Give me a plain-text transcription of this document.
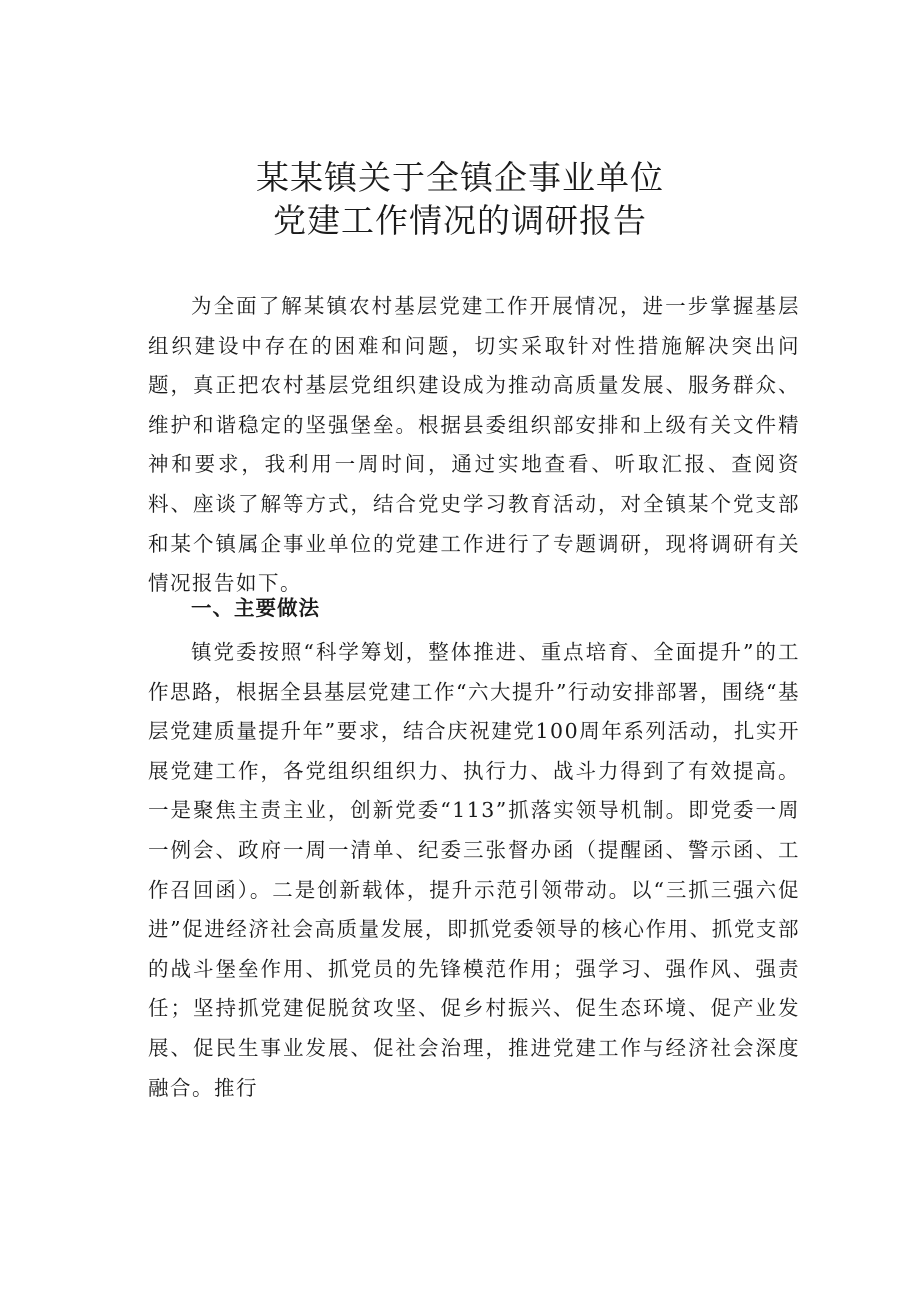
某某镇关于全镇企事业单位
党建工作情况的调研报告

为全面了解某镇农村基层党建工作开展情况，进一步掌握基层组织建设中存在的困难和问题，切实采取针对性措施解决突出问题，真正把农村基层党组织建设成为推动高质量发展、服务群众、维护和谐稳定的坚强堡垒。根据县委组织部安排和上级有关文件精神和要求，我利用一周时间，通过实地查看、听取汇报、查阅资料、座谈了解等方式，结合党史学习教育活动，对全镇某个党支部和某个镇属企事业单位的党建工作进行了专题调研，现将调研有关情况报告如下。

一、主要做法

镇党委按照“科学筹划，整体推进、重点培育、全面提升”的工作思路，根据全县基层党建工作“六大提升”行动安排部署，围绕“基层党建质量提升年”要求，结合庆祝建党100周年系列活动，扎实开展党建工作，各党组织组织力、执行力、战斗力得到了有效提高。一是聚焦主责主业，创新党委“113”抓落实领导机制。即党委一周一例会、政府一周一清单、纪委三张督办函（提醒函、警示函、工作召回函）。二是创新载体，提升示范引领带动。以“三抓三强六促进”促进经济社会高质量发展，即抓党委领导的核心作用、抓党支部的战斗堡垒作用、抓党员的先锋模范作用；强学习、强作风、强责任；坚持抓党建促脱贫攻坚、促乡村振兴、促生态环境、促产业发展、促民生事业发展、促社会治理，推进党建工作与经济社会深度融合。推行
